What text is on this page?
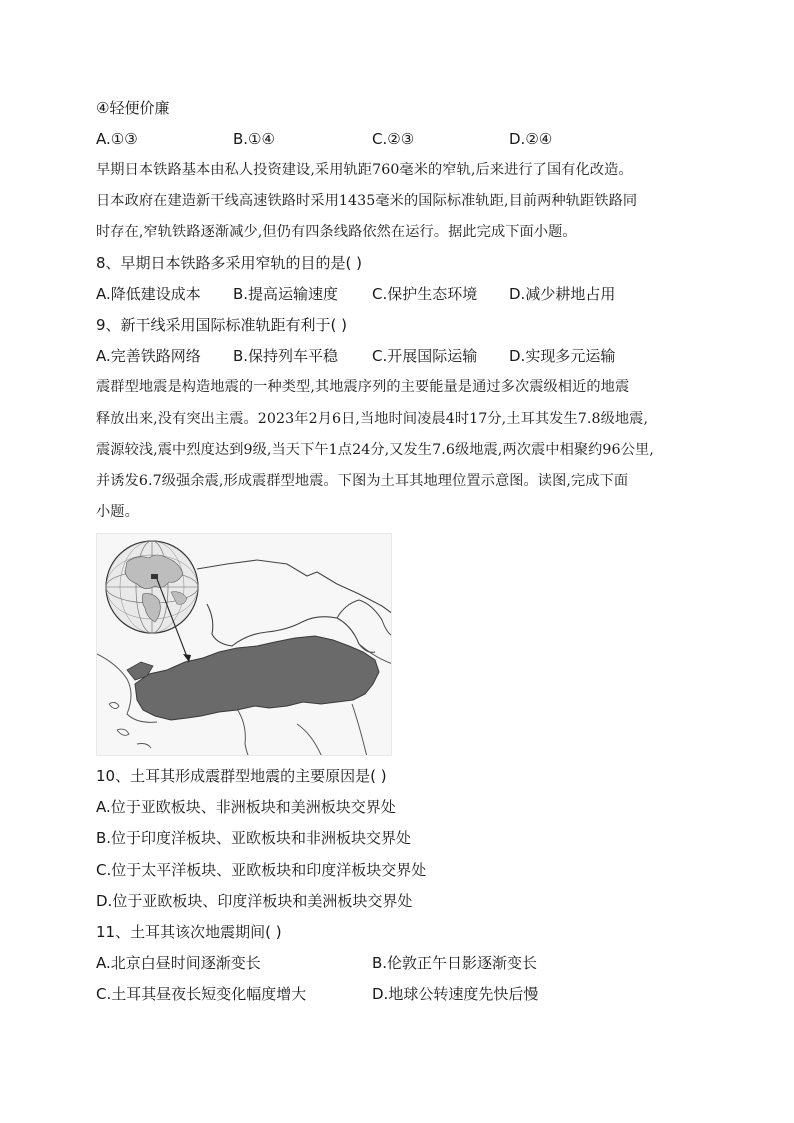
④轻便价廉
A.①③	B.①④	C.②③	D.②④
早期日本铁路基本由私人投资建设,采用轨距760毫米的窄轨,后来进行了国有化改造。
日本政府在建造新干线高速铁路时采用1435毫米的国际标准轨距,目前两种轨距铁路同
时存在,窄轨铁路逐渐减少,但仍有四条线路依然在运行。据此完成下面小题。
8、早期日本铁路多采用窄轨的目的是( )
A.降低建设成本 B.提高运输速度 C.保护生态环境 D.减少耕地占用
9、新干线采用国际标准轨距有利于( )
A.完善铁路网络 B.保持列车平稳 C.开展国际运输 D.实现多元运输
震群型地震是构造地震的一种类型,其地震序列的主要能量是通过多次震级相近的地震
释放出来,没有突出主震。2023年2月6日,当地时间凌晨4时17分,土耳其发生7.8级地震,
震源较浅,震中烈度达到9级,当天下午1点24分,又发生7.6级地震,两次震中相聚约96公里,
并诱发6.7级强余震,形成震群型地震。下图为土耳其地理位置示意图。读图,完成下面
小题。
10、土耳其形成震群型地震的主要原因是( )
A.位于亚欧板块、非洲板块和美洲板块交界处
B.位于印度洋板块、亚欧板块和非洲板块交界处
C.位于太平洋板块、亚欧板块和印度洋板块交界处
D.位于亚欧板块、印度洋板块和美洲板块交界处
11、土耳其该次地震期间( )
A.北京白昼时间逐渐变长	B.伦敦正午日影逐渐变长
C.土耳其昼夜长短变化幅度增大	D.地球公转速度先快后慢
